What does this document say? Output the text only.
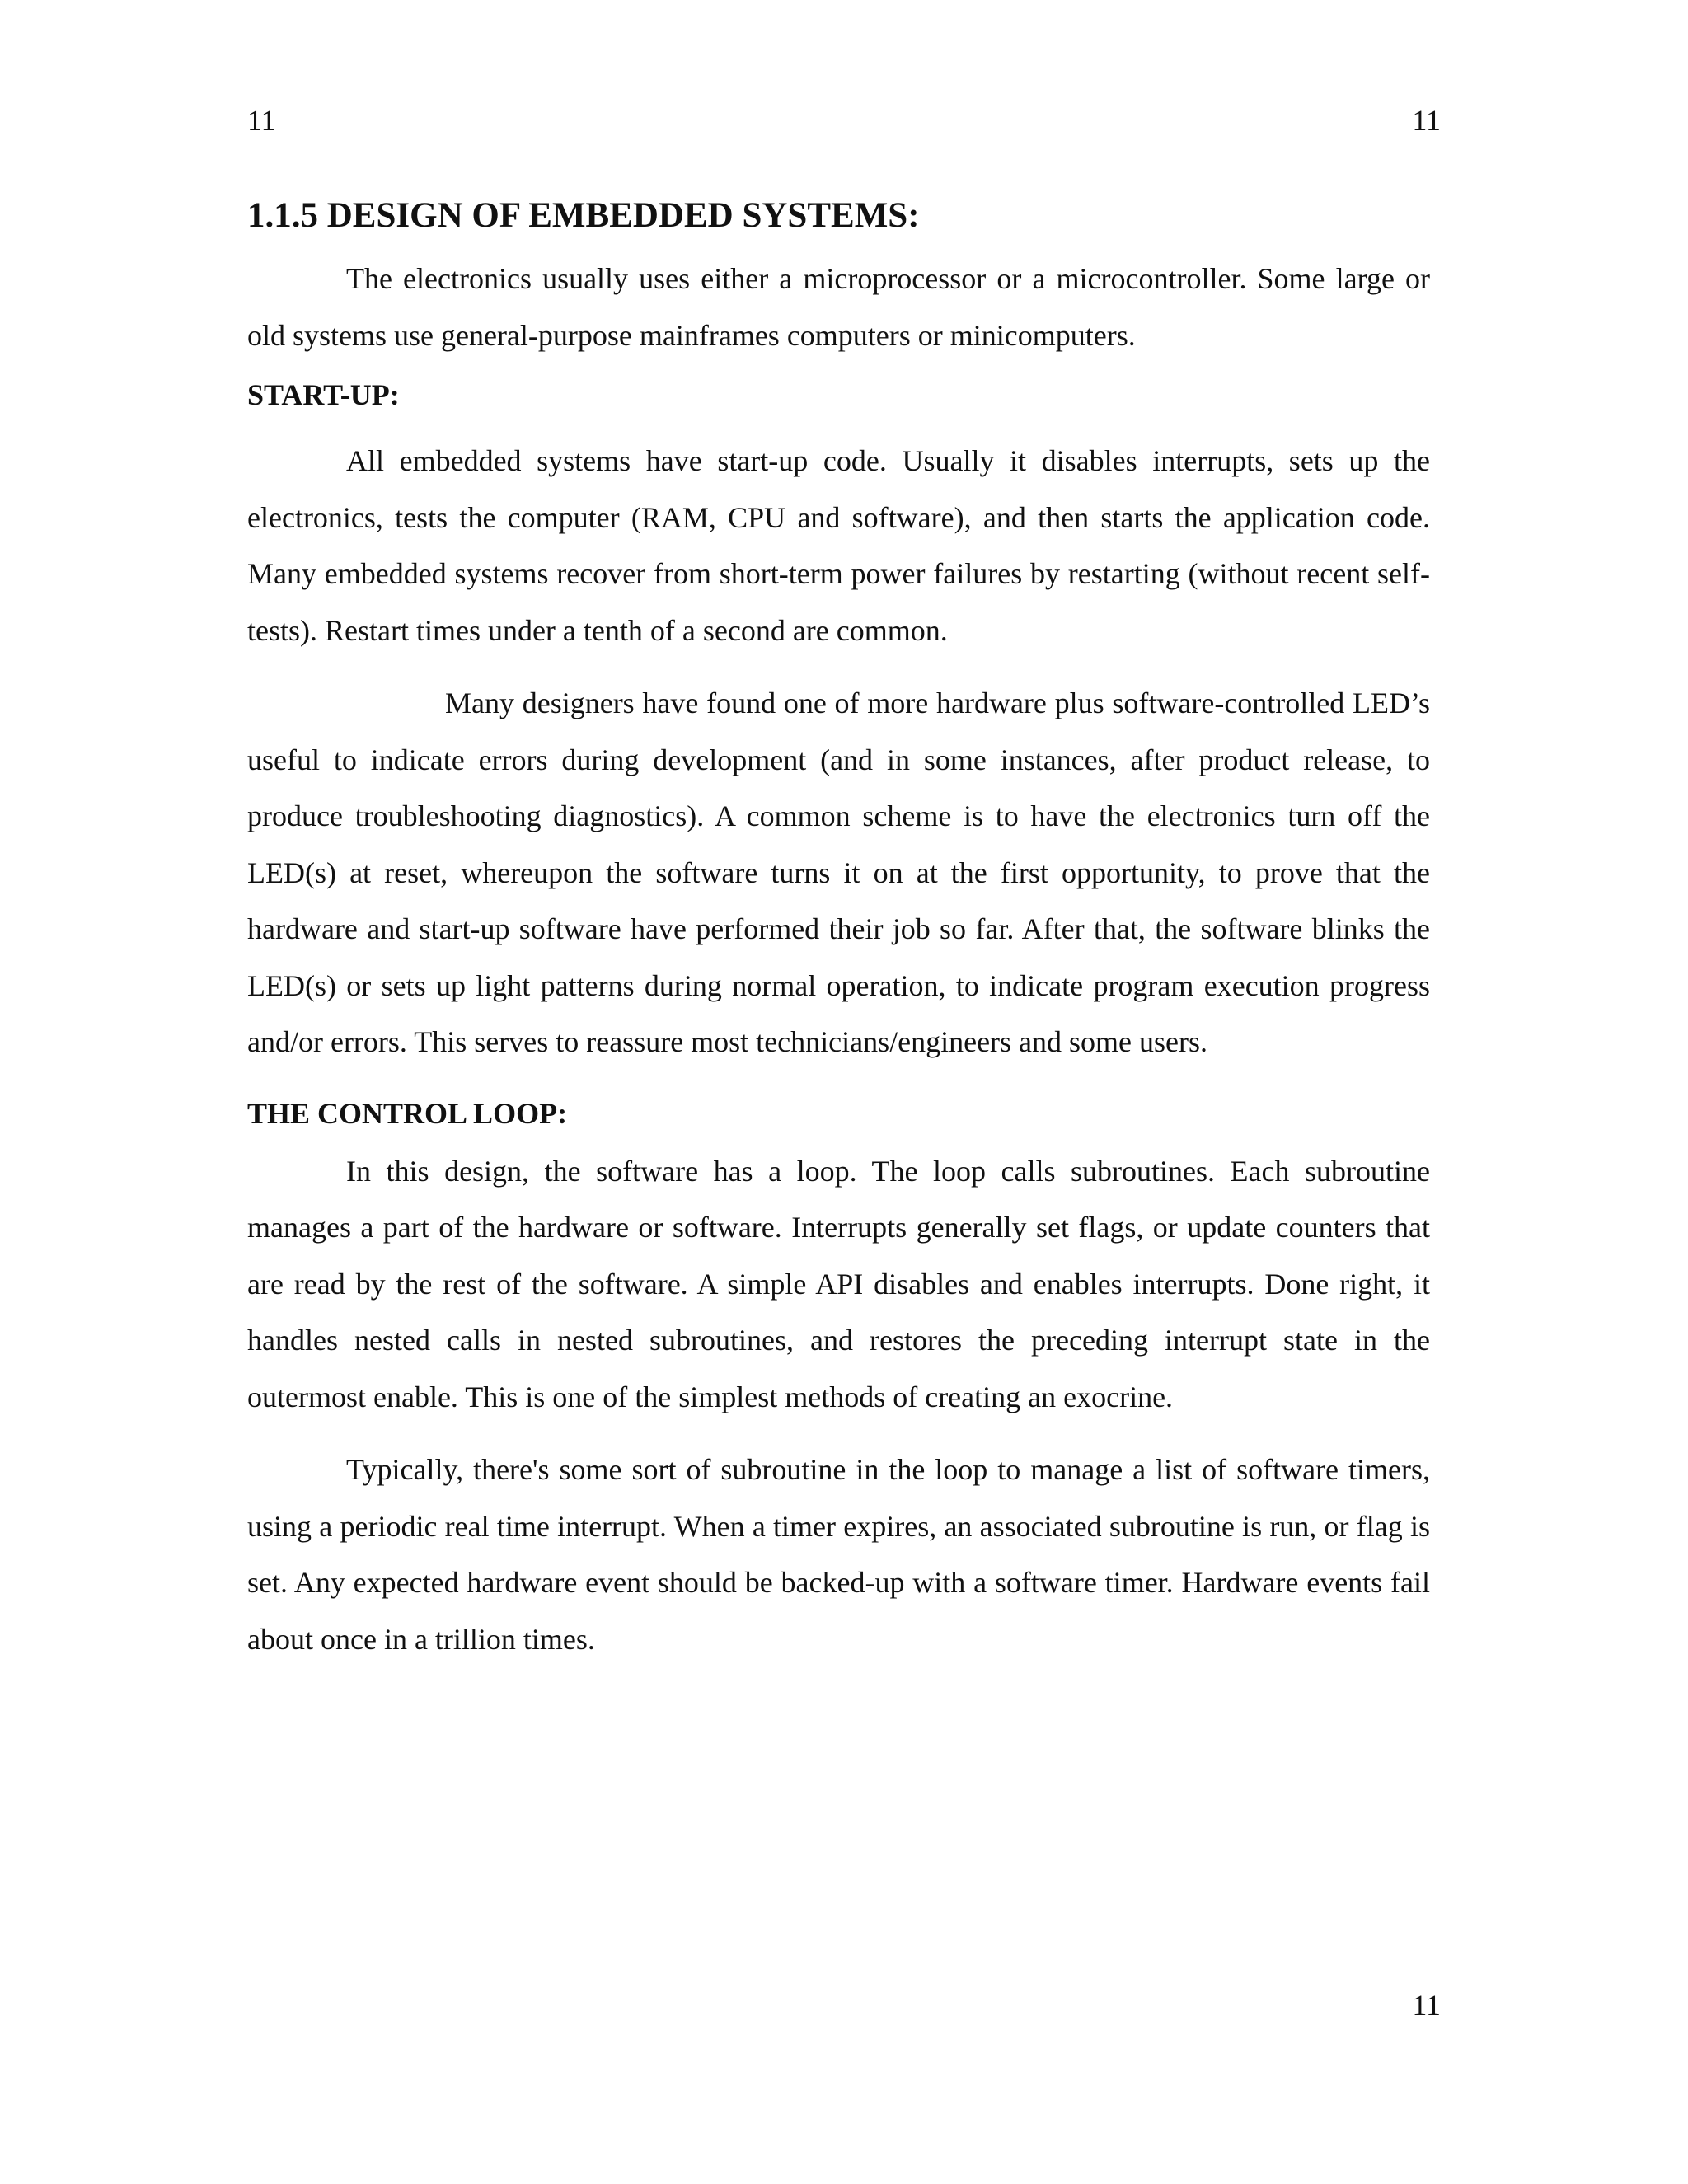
11	11
1.1.5 DESIGN OF EMBEDDED SYSTEMS:

The electronics usually uses either a microprocessor or a microcontroller. Some large or old systems use general-purpose mainframes computers or minicomputers.

START-UP:

All embedded systems have start-up code. Usually it disables interrupts, sets up the electronics, tests the computer (RAM, CPU and software), and then starts the application code. Many embedded systems recover from short-term power failures by restarting (without recent self-tests). Restart times under a tenth of a second are common.

Many designers have found one of more hardware plus software-controlled LED’s useful to indicate errors during development (and in some instances, after product release, to produce troubleshooting diagnostics). A common scheme is to have the electronics turn off the LED(s) at reset, whereupon the software turns it on at the first opportunity, to prove that the hardware and start-up software have performed their job so far. After that, the software blinks the LED(s) or sets up light patterns during normal operation, to indicate program execution progress and/or errors. This serves to reassure most technicians/engineers and some users.

THE CONTROL LOOP:

In this design, the software has a loop. The loop calls subroutines. Each subroutine manages a part of the hardware or software. Interrupts generally set flags, or update counters that are read by the rest of the software. A simple API disables and enables interrupts. Done right, it handles nested calls in nested subroutines, and restores the preceding interrupt state in the outermost enable. This is one of the simplest methods of creating an exocrine.

Typically, there's some sort of subroutine in the loop to manage a list of software timers, using a periodic real time interrupt. When a timer expires, an associated subroutine is run, or flag is set. Any expected hardware event should be backed-up with a software timer. Hardware events fail about once in a trillion times.

11
